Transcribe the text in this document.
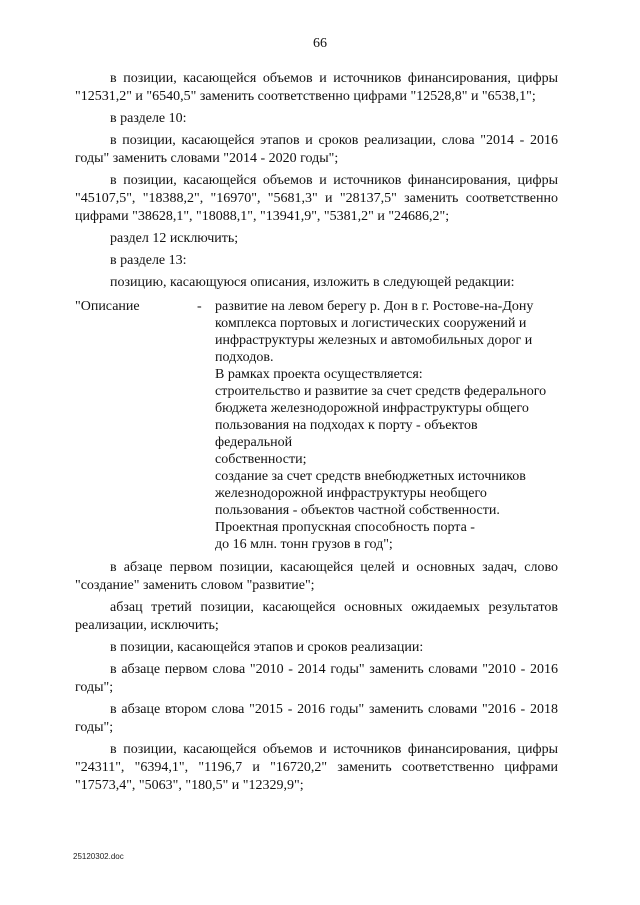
66

в позиции, касающейся объемов и источников финансирования, цифры "12531,2" и "6540,5" заменить соответственно цифрами "12528,8" и "6538,1";

в разделе 10:

в позиции, касающейся этапов и сроков реализации, слова "2014 - 2016 годы" заменить словами "2014 - 2020 годы";

в позиции, касающейся объемов и источников финансирования, цифры "45107,5", "18388,2", "16970", "5681,3" и "28137,5" заменить соответственно цифрами "38628,1", "18088,1", "13941,9", "5381,2" и "24686,2";

раздел 12 исключить;

в разделе 13:

позицию, касающуюся описания, изложить в следующей редакции:

"Описание	- развитие на левом берегу р. Дон в г. Ростове-на-Дону
комплекса портовых и логистических сооружений и
инфраструктуры железных и автомобильных дорог и
подходов.
В рамках проекта осуществляется:
строительство и развитие за счет средств федерального
бюджета железнодорожной инфраструктуры общего
пользования на подходах к порту - объектов федеральной
собственности;
создание за счет средств внебюджетных источников
железнодорожной инфраструктуры необщего
пользования - объектов частной собственности.
Проектная пропускная способность порта -
до 16 млн. тонн грузов в год";

в абзаце первом позиции, касающейся целей и основных задач, слово "создание" заменить словом "развитие";

абзац третий позиции, касающейся основных ожидаемых результатов реализации, исключить;

в позиции, касающейся этапов и сроков реализации:

в абзаце первом слова "2010 - 2014 годы" заменить словами "2010 - 2016 годы";

в абзаце втором слова "2015 - 2016 годы" заменить словами "2016 - 2018 годы";

в позиции, касающейся объемов и источников финансирования, цифры "24311", "6394,1", "1196,7 и "16720,2" заменить соответственно цифрами "17573,4", "5063", "180,5" и "12329,9";

25120302.doc
